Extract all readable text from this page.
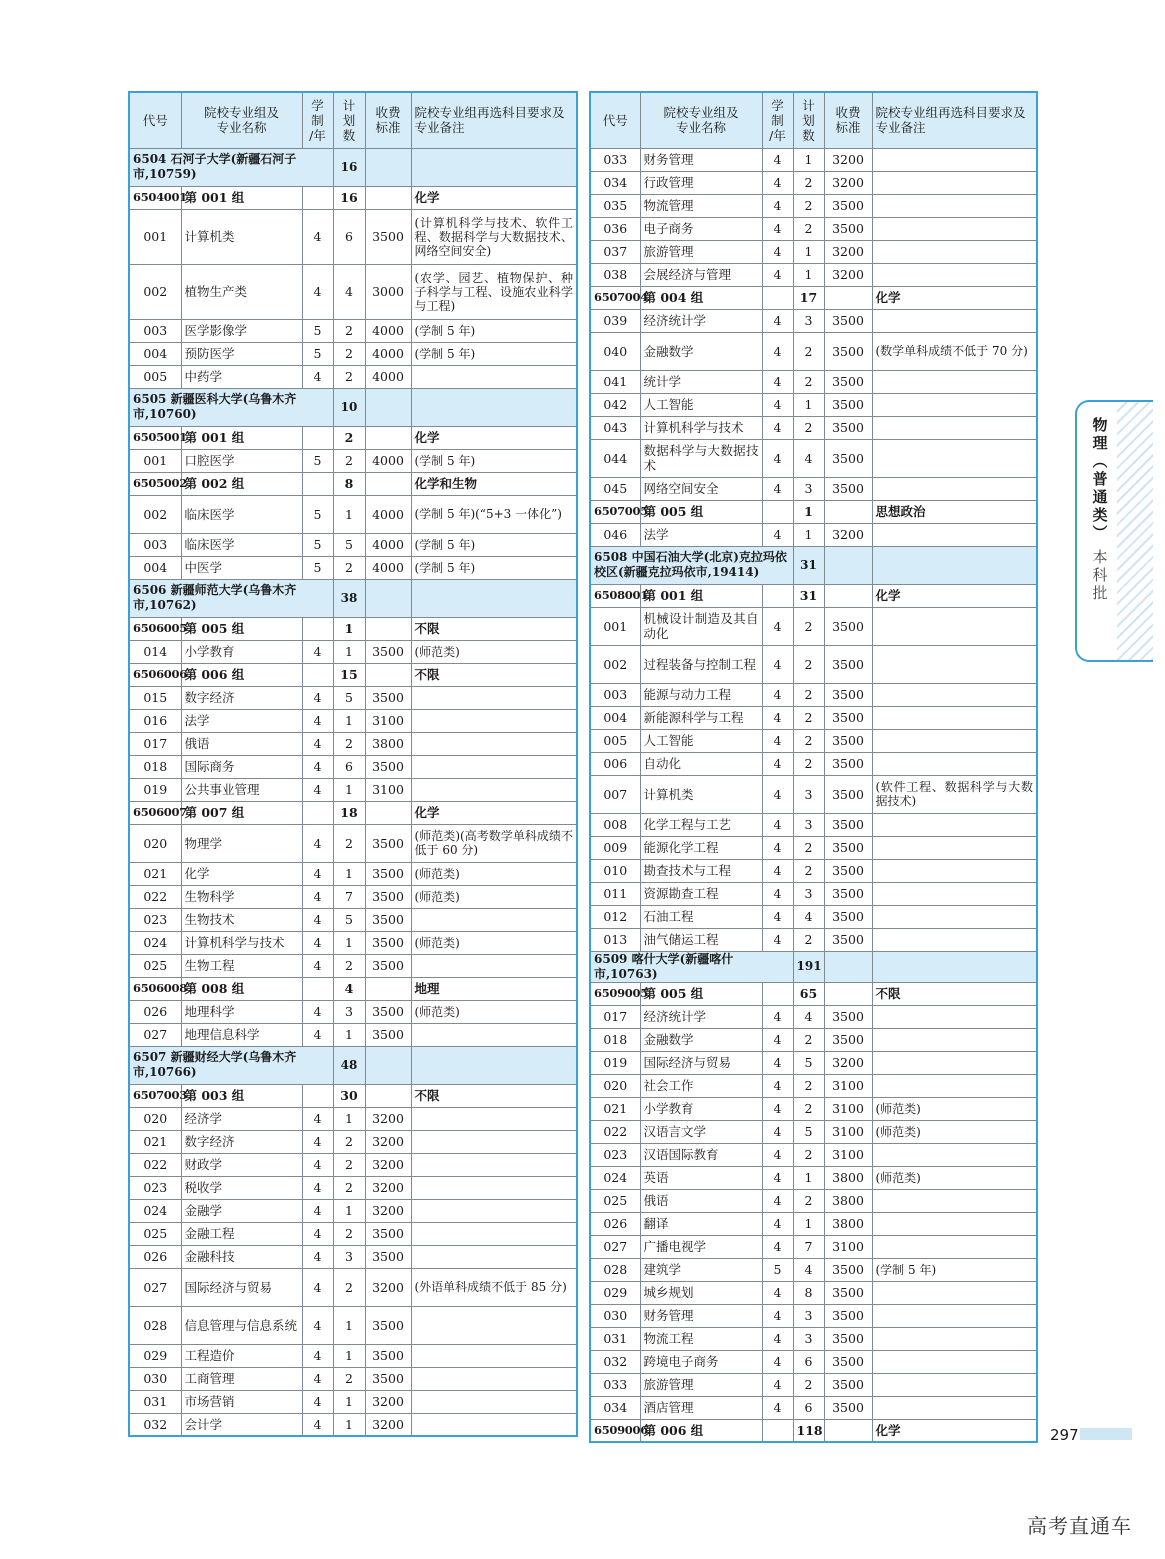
代号	院校专业组及
专业名称	学
制
/年	计
划
数	收费
标准	院校专业组再选科目要求及
专业备注
6504 石河子大学(新疆石河子市,10759)			16		
6504001	第 001 组		16		化学
001	计算机类	4	6	3500	(计算机科学与技术、软件工程、数据科学与大数据技术、网络空间安全)
002	植物生产类	4	4	3000	(农学、园艺、植物保护、种子科学与工程、设施农业科学与工程)
003	医学影像学	5	2	4000	(学制 5 年)
004	预防医学	5	2	4000	(学制 5 年)
005	中药学	4	2	4000	
6505 新疆医科大学(乌鲁木齐市,10760)			10		
6505001	第 001 组		2		化学
001	口腔医学	5	2	4000	(学制 5 年)
6505002	第 002 组		8		化学和生物
002	临床医学	5	1	4000	(学制 5 年)(“5+3 一体化”)
003	临床医学	5	5	4000	(学制 5 年)
004	中医学	5	2	4000	(学制 5 年)
6506 新疆师范大学(乌鲁木齐市,10762)			38		
6506005	第 005 组		1		不限
014	小学教育	4	1	3500	(师范类)
6506006	第 006 组		15		不限
015	数字经济	4	5	3500	
016	法学	4	1	3100	
017	俄语	4	2	3800	
018	国际商务	4	6	3500	
019	公共事业管理	4	1	3100	
6506007	第 007 组		18		化学
020	物理学	4	2	3500	(师范类)(高考数学单科成绩不低于 60 分)
021	化学	4	1	3500	(师范类)
022	生物科学	4	7	3500	(师范类)
023	生物技术	4	5	3500	
024	计算机科学与技术	4	1	3500	(师范类)
025	生物工程	4	2	3500	
6506008	第 008 组		4		地理
026	地理科学	4	3	3500	(师范类)
027	地理信息科学	4	1	3500	
6507 新疆财经大学(乌鲁木齐市,10766)			48		
6507003	第 003 组		30		不限
020	经济学	4	1	3200	
021	数字经济	4	2	3200	
022	财政学	4	2	3200	
023	税收学	4	2	3200	
024	金融学	4	1	3200	
025	金融工程	4	2	3500	
026	金融科技	4	3	3500	
027	国际经济与贸易	4	2	3200	(外语单科成绩不低于 85 分)
028	信息管理与信息系统	4	1	3500	
029	工程造价	4	1	3500	
030	工商管理	4	2	3500	
031	市场营销	4	1	3200	
032	会计学	4	1	3200	
代号	院校专业组及
专业名称	学
制
/年	计
划
数	收费
标准	院校专业组再选科目要求及
专业备注
033	财务管理	4	1	3200	
034	行政管理	4	2	3200	
035	物流管理	4	2	3500	
036	电子商务	4	2	3500	
037	旅游管理	4	1	3200	
038	会展经济与管理	4	1	3200	
6507004	第 004 组		17		化学
039	经济统计学	4	3	3500	
040	金融数学	4	2	3500	(数学单科成绩不低于 70 分)
041	统计学	4	2	3500	
042	人工智能	4	1	3500	
043	计算机科学与技术	4	2	3500	
044	数据科学与大数据技术	4	4	3500	
045	网络空间安全	4	3	3500	
6507005	第 005 组		1		思想政治
046	法学	4	1	3200	
6508 中国石油大学(北京)克拉玛依校区(新疆克拉玛依市,19414)			31		
6508001	第 001 组		31		化学
001	机械设计制造及其自动化	4	2	3500	
002	过程装备与控制工程	4	2	3500	
003	能源与动力工程	4	2	3500	
004	新能源科学与工程	4	2	3500	
005	人工智能	4	2	3500	
006	自动化	4	2	3500	
007	计算机类	4	3	3500	(软件工程、数据科学与大数据技术)
008	化学工程与工艺	4	3	3500	
009	能源化学工程	4	2	3500	
010	勘查技术与工程	4	2	3500	
011	资源勘查工程	4	3	3500	
012	石油工程	4	4	3500	
013	油气储运工程	4	2	3500	
6509 喀什大学(新疆喀什市,10763)			191		
6509005	第 005 组		65		不限
017	经济统计学	4	4	3500	
018	金融数学	4	2	3500	
019	国际经济与贸易	4	5	3200	
020	社会工作	4	2	3100	
021	小学教育	4	2	3100	(师范类)
022	汉语言文学	4	5	3100	(师范类)
023	汉语国际教育	4	2	3100	
024	英语	4	1	3800	(师范类)
025	俄语	4	2	3800	
026	翻译	4	1	3800	
027	广播电视学	4	7	3100	
028	建筑学	5	4	3500	(学制 5 年)
029	城乡规划	4	8	3500	
030	财务管理	4	3	3500	
031	物流工程	4	3	3500	
032	跨境电子商务	4	6	3500	
033	旅游管理	4	2	3500	
034	酒店管理	4	6	3500	
6509006	第 006 组		118		化学
物理
︵
普通类
︶
本科批
297
高考直通车
